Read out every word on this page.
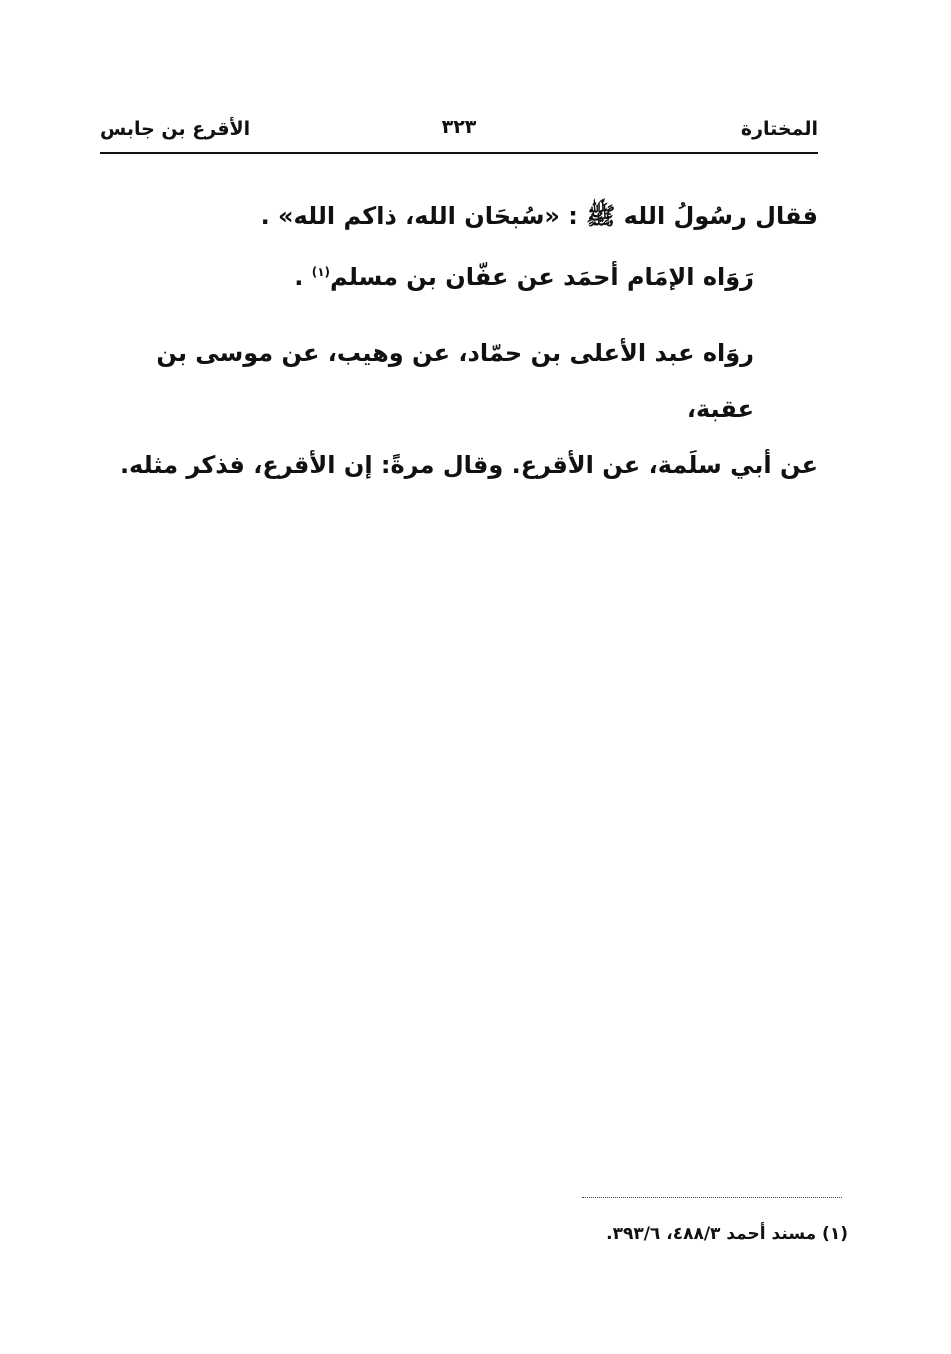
المختارة
٣٢٣
الأقرع بن جابس

فقال رسُولُ الله ﷺ : «سُبحَان الله، ذاكم الله» .

رَوَاه الإمَام أحمَد عن عفّان بن مسلم$^{(١)}$ .

روَاه عبد الأعلى بن حمّاد، عن وهيب، عن موسى بن عقبة،

عن أبي سلَمة، عن الأقرع. وقال مرةً: إن الأقرع، فذكر مثله.

(١) مسند أحمد ٤٨٨/٣، ٣٩٣/٦.
